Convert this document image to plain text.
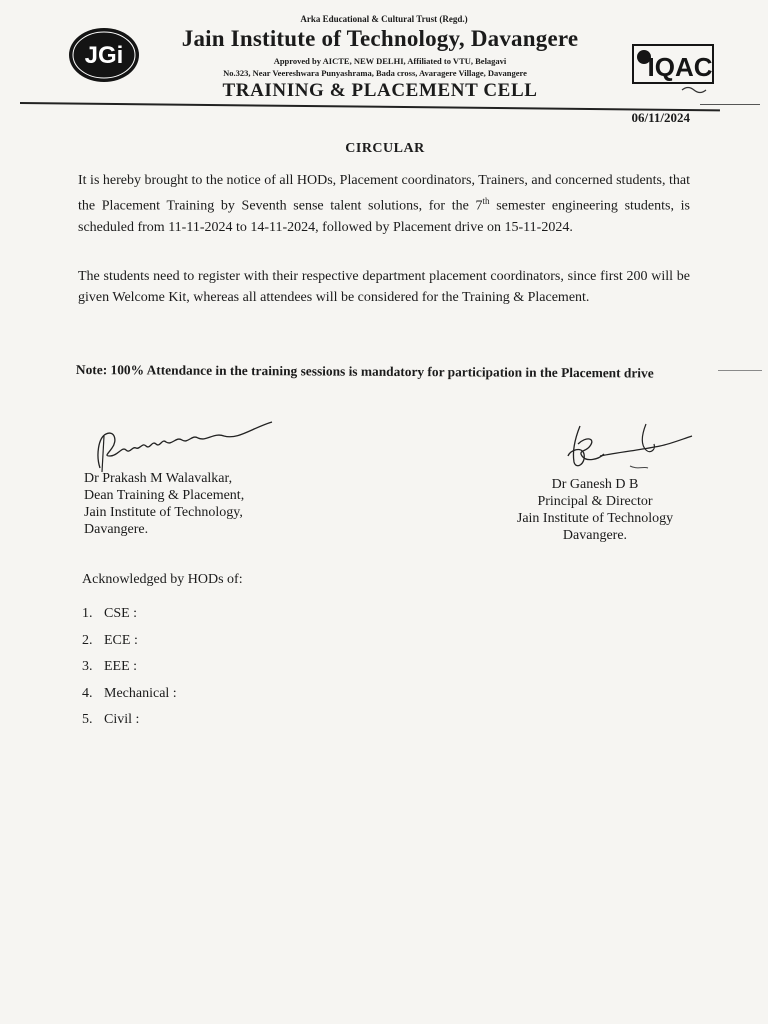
JGi
Arka Educational & Cultural Trust (Regd.)
Jain Institute of Technology, Davangere
Approved by AICTE, NEW DELHI, Affiliated to VTU, Belagavi
No.323, Near Veereshwara Punyashrama, Bada cross, Avaragere Village, Davangere
TRAINING & PLACEMENT CELL
IQAC
06/11/2024
CIRCULAR
It is hereby brought to the notice of all HODs, Placement coordinators, Trainers, and concerned students, that the Placement Training by Seventh sense talent solutions, for the 7th semester engineering students, is scheduled from 11-11-2024 to 14-11-2024, followed by Placement drive on 15-11-2024.
The students need to register with their respective department placement coordinators, since first 200 will be given Welcome Kit, whereas all attendees will be considered for the Training & Placement.
Note: 100% Attendance in the training sessions is mandatory for participation in the Placement drive
Dr Prakash M Walavalkar,
Dean Training & Placement,
Jain Institute of Technology,
Davangere.
Dr Ganesh D B
Principal & Director
Jain Institute of Technology
Davangere.
Acknowledged by HODs of:
1. CSE :
2. ECE :
3. EEE :
4. Mechanical :
5. Civil :
